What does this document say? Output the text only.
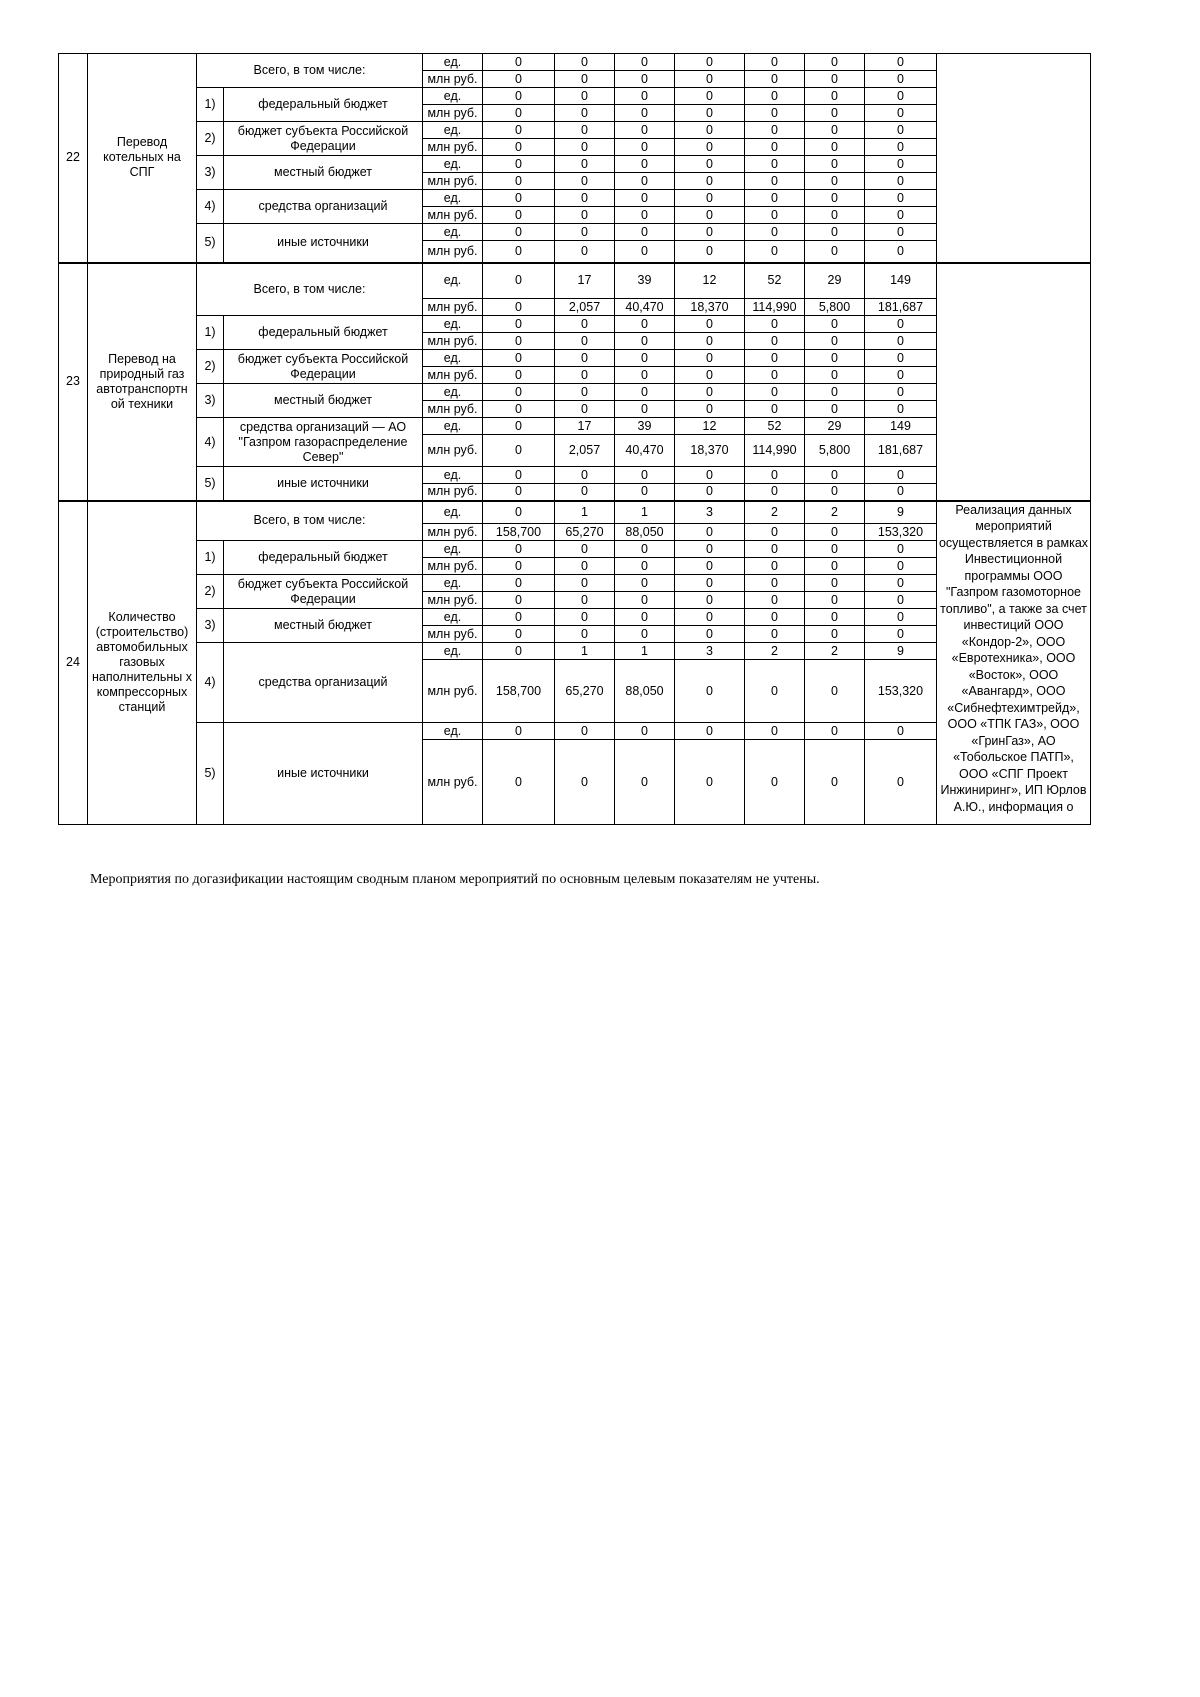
22	Перевод котельных на СПГ	Всего, в том числе:		ед.	0	0	0	0	0	0	0	
				млн руб.	0	0	0	0	0	0	0	
		1)	федеральный бюджет	ед.	0	0	0	0	0	0	0	
				млн руб.	0	0	0	0	0	0	0	
		2)	бюджет субъекта Российской Федерации	ед.	0	0	0	0	0	0	0	
				млн руб.	0	0	0	0	0	0	0	
		3)	местный бюджет	ед.	0	0	0	0	0	0	0	
				млн руб.	0	0	0	0	0	0	0	
		4)	средства организаций	ед.	0	0	0	0	0	0	0	
				млн руб.	0	0	0	0	0	0	0	
		5)	иные источники	ед.	0	0	0	0	0	0	0	
				млн руб.	0	0	0	0	0	0	0	
23	Перевод на природный газ автотранспортн ой техники	Всего, в том числе:		ед.	0	17	39	12	52	29	149	
				млн руб.	0	2,057	40,470	18,370	114,990	5,800	181,687	
		1)	федеральный бюджет	ед.	0	0	0	0	0	0	0	
				млн руб.	0	0	0	0	0	0	0	
		2)	бюджет субъекта Российской Федерации	ед.	0	0	0	0	0	0	0	
				млн руб.	0	0	0	0	0	0	0	
		3)	местный бюджет	ед.	0	0	0	0	0	0	0	
				млн руб.	0	0	0	0	0	0	0	
		4)	средства организаций — АО "Газпром газораспределение Север"	ед.	0	17	39	12	52	29	149	
				млн руб.	0	2,057	40,470	18,370	114,990	5,800	181,687	
		5)	иные источники	ед.	0	0	0	0	0	0	0	
				млн руб.	0	0	0	0	0	0	0	
24	Количество (строительство) автомобильных газовых наполнительны х компрессорных станций	Всего, в том числе:		ед.	0	1	1	3	2	2	9	Реализация данных мероприятий осуществляется в рамках Инвестиционной программы ООО "Газпром газомоторное топливо", а также за счет инвестиций ООО «Кондор-2», ООО «Евротехника», ООО «Восток», ООО «Авангард», ООО «Сибнефтехимтрейд», ООО «ТПК ГАЗ», ООО «ГринГаз», АО «Тобольское ПАТП», ООО «СПГ Проект Инжиниринг», ИП Юрлов А.Ю., информация о
				млн руб.	158,700	65,270	88,050	0	0	0	153,320	
		1)	федеральный бюджет	ед.	0	0	0	0	0	0	0	
				млн руб.	0	0	0	0	0	0	0	
		2)	бюджет субъекта Российской Федерации	ед.	0	0	0	0	0	0	0	
				млн руб.	0	0	0	0	0	0	0	
		3)	местный бюджет	ед.	0	0	0	0	0	0	0	
				млн руб.	0	0	0	0	0	0	0	
		4)	средства организаций	ед.	0	1	1	3	2	2	9	
				млн руб.	158,700	65,270	88,050	0	0	0	153,320	
		5)	иные источники	ед.	0	0	0	0	0	0	0	
				млн руб.	0	0	0	0	0	0	0	
Мероприятия по догазификации настоящим сводным планом мероприятий по основным целевым показателям не учтены.
